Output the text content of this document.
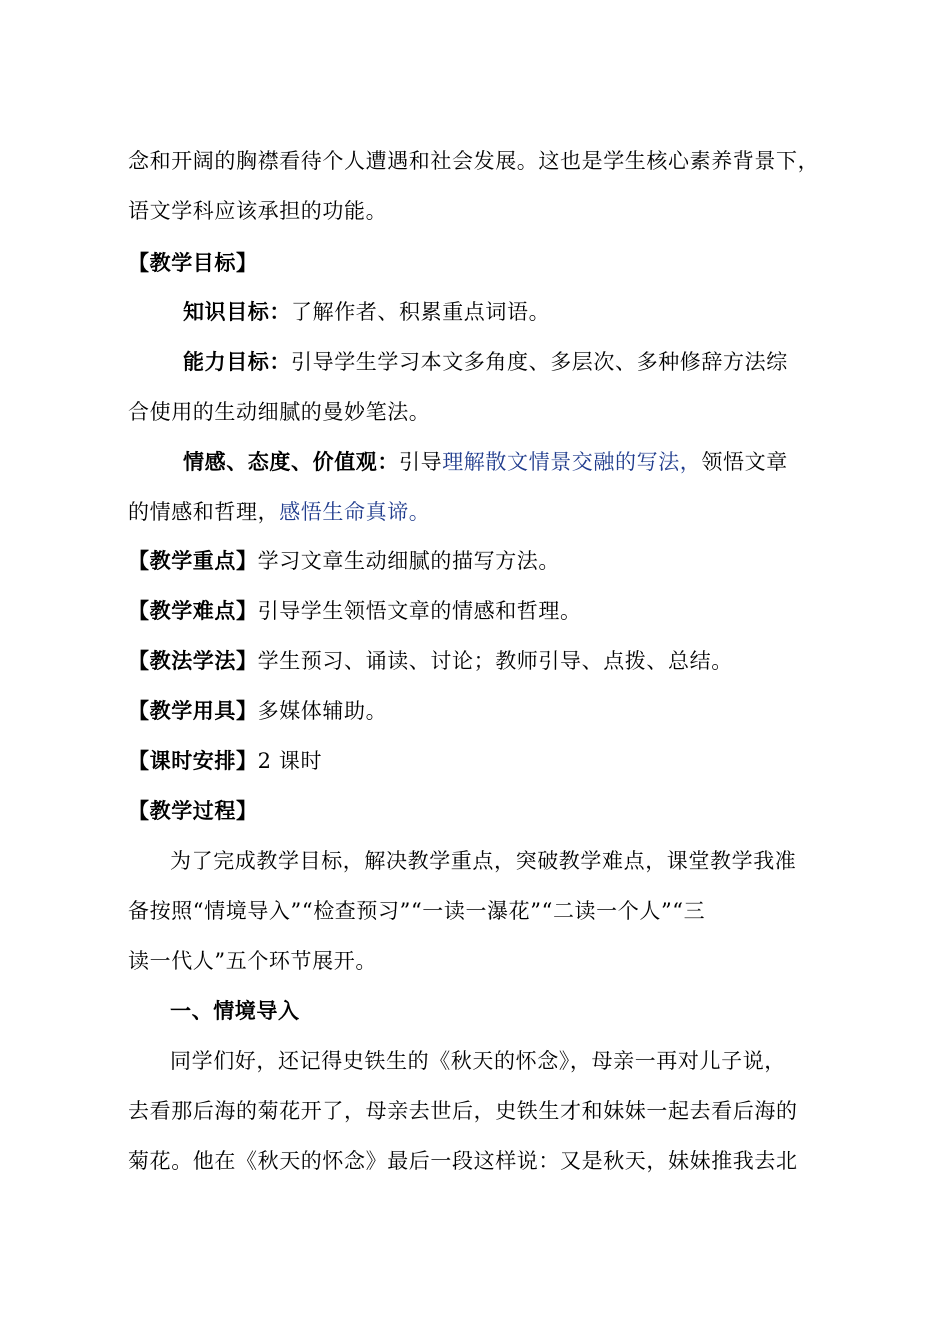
念和开阔的胸襟看待个人遭遇和社会发展。这也是学生核心素养背景下，

语文学科应该承担的功能。

【教学目标】

知识目标：了解作者、积累重点词语。

能力目标：引导学生学习本文多角度、多层次、多种修辞方法综

合使用的生动细腻的曼妙笔法。

情感、态度、价值观：引导理解散文情景交融的写法，领悟文章

的情感和哲理，感悟生命真谛。

【教学重点】学习文章生动细腻的描写方法。

【教学难点】引导学生领悟文章的情感和哲理。

【教法学法】学生预习、诵读、讨论；教师引导、点拨、总结。

【教学用具】多媒体辅助。

【课时安排】2 课时

【教学过程】

为了完成教学目标，解决教学重点，突破教学难点，课堂教学我准

备按照“情境导入”“检查预习”“一读一瀑花”“二读一个人”“三

读一代人”五个环节展开。

一、情境导入

同学们好，还记得史铁生的《秋天的怀念》，母亲一再对儿子说，

去看那后海的菊花开了，母亲去世后，史铁生才和妹妹一起去看后海的

菊花。他在《秋天的怀念》最后一段这样说：又是秋天，妹妹推我去北
